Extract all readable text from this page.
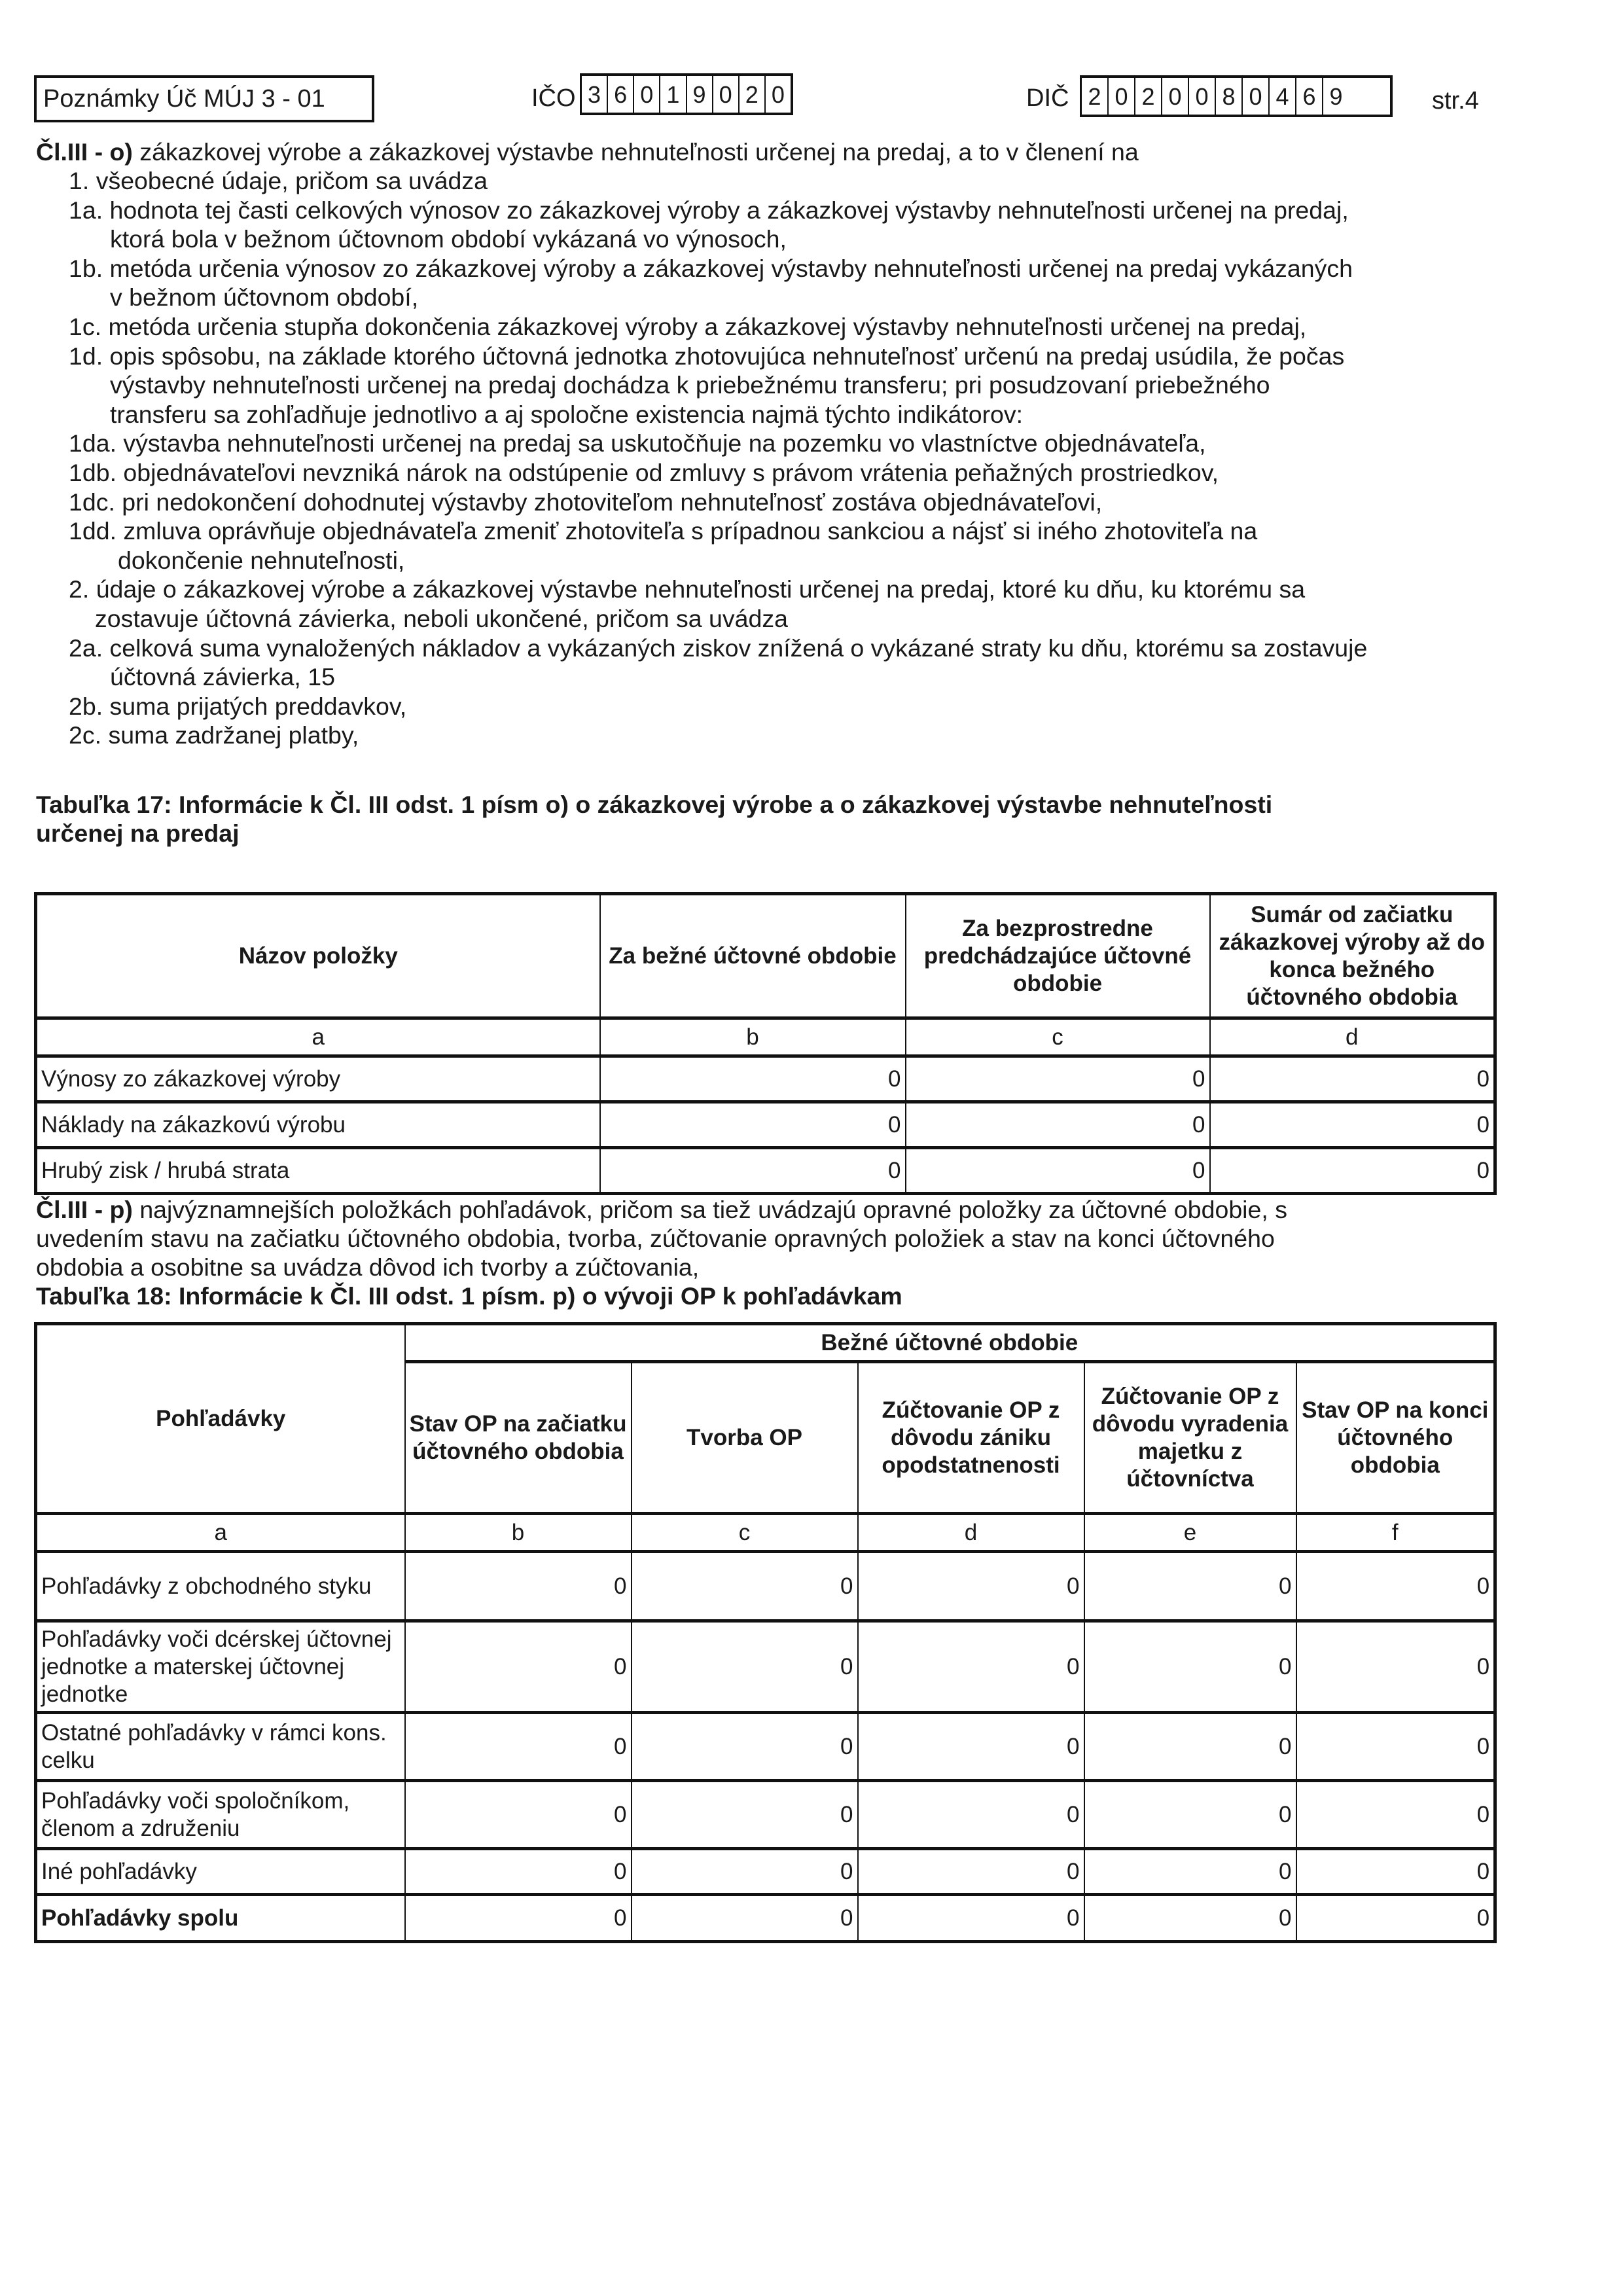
Poznámky Úč MÚJ 3 - 01	IČO 3 6 0 1 9 0 2 0	DIČ 2 0 2 0 0 8 0 4 6 9	str.4
Čl.III - o) zákazkovej výrobe a zákazkovej výstavbe nehnuteľnosti určenej na predaj, a to v členení na
1. všeobecné údaje, pričom sa uvádza
1a. hodnota tej časti celkových výnosov zo zákazkovej výroby a zákazkovej výstavby nehnuteľnosti určenej na predaj,
ktorá bola v bežnom účtovnom období vykázaná vo výnosoch,
1b. metóda určenia výnosov zo zákazkovej výroby a zákazkovej výstavby nehnuteľnosti určenej na predaj vykázaných
v bežnom účtovnom období,
1c. metóda určenia stupňa dokončenia zákazkovej výroby a zákazkovej výstavby nehnuteľnosti určenej na predaj,
1d. opis spôsobu, na základe ktorého účtovná jednotka zhotovujúca nehnuteľnosť určenú na predaj usúdila, že počas
výstavby nehnuteľnosti určenej na predaj dochádza k priebežnému transferu; pri posudzovaní priebežného
transferu sa zohľadňuje jednotlivo a aj spoločne existencia najmä týchto indikátorov:
1da. výstavba nehnuteľnosti určenej na predaj sa uskutočňuje na pozemku vo vlastníctve objednávateľa,
1db. objednávateľovi nevzniká nárok na odstúpenie od zmluvy s právom vrátenia peňažných prostriedkov,
1dc. pri nedokončení dohodnutej výstavby zhotoviteľom nehnuteľnosť zostáva objednávateľovi,
1dd. zmluva oprávňuje objednávateľa zmeniť zhotoviteľa s prípadnou sankciou a nájsť si iného zhotoviteľa na
dokončenie nehnuteľnosti,
2. údaje o zákazkovej výrobe a zákazkovej výstavbe nehnuteľnosti určenej na predaj, ktoré ku dňu, ku ktorému sa
zostavuje účtovná závierka, neboli ukončené, pričom sa uvádza
2a. celková suma vynaložených nákladov a vykázaných ziskov znížená o vykázané straty ku dňu, ktorému sa zostavuje
účtovná závierka, 15
2b. suma prijatých preddavkov,
2c. suma zadržanej platby,
Tabuľka 17: Informácie k Čl. III odst. 1 písm o) o zákazkovej výrobe a o zákazkovej výstavbe nehnuteľnosti
určenej na predaj
Názov položky	Za bežné účtovné obdobie	Za bezprostredne predchádzajúce účtovné obdobie	Sumár od začiatku zákazkovej výroby až do konca bežného účtovného obdobia
a	b	c	d
Výnosy zo zákazkovej výroby	0	0	0
Náklady na zákazkovú výrobu	0	0	0
Hrubý zisk / hrubá strata	0	0	0
Čl.III - p) najvýznamnejších položkách pohľadávok, pričom sa tiež uvádzajú opravné položky za účtovné obdobie, s
uvedením stavu na začiatku účtovného obdobia, tvorba, zúčtovanie opravných položiek a stav na konci účtovného
obdobia a osobitne sa uvádza dôvod ich tvorby a zúčtovania,
Tabuľka 18: Informácie k Čl. III odst. 1 písm. p) o vývoji OP k pohľadávkam
Pohľadávky	Bežné účtovné obdobie				
	Stav OP na začiatku účtovného obdobia	Tvorba OP	Zúčtovanie OP z dôvodu zániku opodstatnenosti	Zúčtovanie OP z dôvodu vyradenia majetku z účtovníctva	Stav OP na konci účtovného obdobia
a	b	c	d	e	f
Pohľadávky z obchodného styku	0	0	0	0	0
Pohľadávky voči dcérskej účtovnej jednotke a materskej účtovnej jednotke	0	0	0	0	0
Ostatné pohľadávky v rámci kons. celku	0	0	0	0	0
Pohľadávky voči spoločníkom, členom a združeniu	0	0	0	0	0
Iné pohľadávky	0	0	0	0	0
Pohľadávky spolu	0	0	0	0	0
